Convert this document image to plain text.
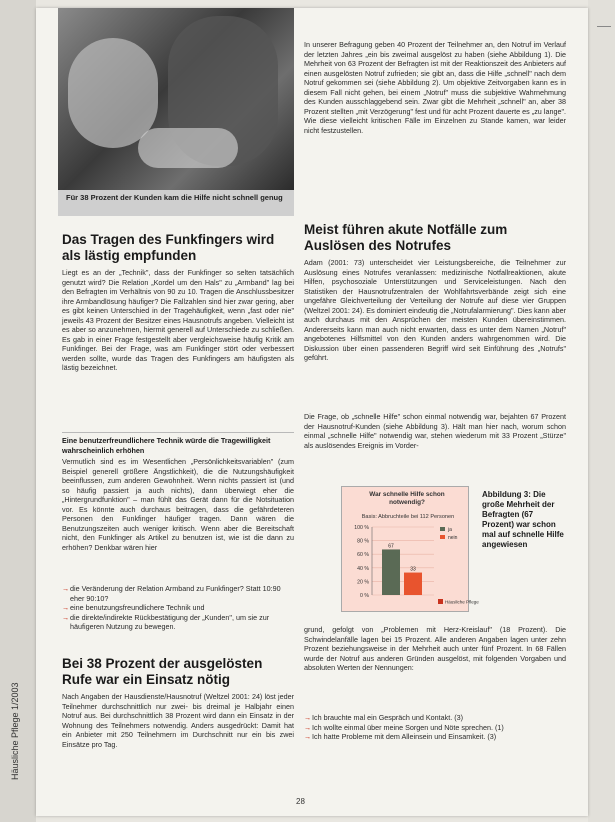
Für 38 Prozent der Kunden kam die Hilfe nicht schnell genug
Das Tragen des Funkfingers wird als lästig empfunden

Liegt es an der „Technik", dass der Funkfinger so selten tatsächlich genutzt wird? Die Relation „Kordel um den Hals" zu „Armband" lag bei den Befragten im Verhältnis von 90 zu 10. Tragen die Anschlussbesitzer ihre Armbandlösung häufiger? Die Fallzahlen sind hier zwar gering, aber es gibt keinen Unterschied in der Tragehäufigkeit, wenn „fast oder nie" jeweils 43 Prozent der Besitzer eines Hausnotrufs angeben. Vielleicht ist es aber so anzunehmen, hiermit generell auf Unterschiede zu schließen. Es gab in einer Frage festgestellt aber vergleichsweise häufig Kritik am Funkfinger. Bei der Frage, was am Funkfinger stört oder verbessert werden sollte, wurde das Tragen des Funkfingers am häufigsten als lästig bezeichnet.

Eine benutzerfreundlichere Technik würde die Tragewilligkeit wahrscheinlich erhöhen

Vermutlich sind es im Wesentlichen „Persönlichkeitsvariablen" (zum Beispiel generell größere Ängstlichkeit), die die Nutzungshäufigkeit beeinflussen, zum anderen Gewohnheit. Wenn nichts passiert ist (und so häufig passiert ja auch nichts), dann überwiegt eher die „Hintergrundfunktion" – man fühlt das Gerät dann für die Notsituation vor. Es könnte auch durchaus beitragen, dass die gefährdeteren Personen den Funkfinger häufiger tragen. Dann wären die Benutzungszeiten auch weniger kritisch. Wenn aber die Bereitschaft nicht, den Funkfinger als Artikel zu benutzen ist, wie ist die dann zu erhöhen? Denkbar wären hier

→ die Veränderung der Relation Armband zu Funkfinger? Statt 10:90 eher 90:10?
→ eine benutzungsfreundlichere Technik und
→ die direkte/indirekte Rückbestätigung der „Kunden", um sie zur häufigeren Nutzung zu bewegen.
Bei 38 Prozent der ausgelösten Rufe war ein Einsatz nötig

Nach Angaben der Hausdienste/Hausnotruf (Weltzel 2001: 24) löst jeder Teilnehmer durchschnittlich nur zwei- bis dreimal je Halbjahr einen Notruf aus. Bei durchschnittlich 38 Prozent wird dann ein Einsatz in der Wohnung des Teilnehmers notwendig. Anders ausgedrückt: Damit hat ein Anbieter mit 250 Teilnehmern im Durchschnitt nur ein bis zwei Einsätze pro Tag.

In unserer Befragung geben 40 Prozent der Teilnehmer an, den Notruf im Verlauf der letzten Jahres „ein bis zweimal ausgelöst zu haben (siehe Abbildung 1). Die Mehrheit von 63 Prozent der Befragten ist mit der Reaktionszeit des Anbieters auf einen ausgelösten Notruf zufrieden; sie gibt an, dass die Hilfe „schnell" nach dem Notruf gekommen sei (siehe Abbildung 2). Um objektive Zeitvorgaben kann es in diesem Fall nicht gehen, bei einem „Notruf" muss die subjektive Wahrnehmung des Kunden ausschlaggebend sein. Zwar gibt die Mehrheit „schnell" an, aber 38 Prozent stellten „mit Verzögerung" fest und für acht Prozent dauerte es „zu lange". Wie diese vielleicht kritischen Fälle im Einzelnen zu Stande kamen, war leider nicht festzustellen.

Meist führen akute Notfälle zum Auslösen des Notrufes

Adam (2001: 73) unterscheidet vier Leistungsbereiche, die Teilnehmer zur Auslösung eines Notrufes veranlassen: medizinische Notfallreaktionen, akute Hilfen, psychosoziale Unterstützungen und Serviceleistungen. Nach den Statistiken der Hausnotrufzentralen der Wohlfahrtsverbände zeigt sich eine ungefähre Gleichverteilung der Verteilung der Notrufe auf diese vier Gruppen (Weltzel 2001: 24). Es dominiert eindeutig die „Notrufalarmierung". Dies kann aber auch durchaus mit den Ansprüchen der meisten Kunden übereinstimmen. Andererseits kann man auch nicht erwarten, dass es unter dem Namen „Notruf" angebotenes Hilfsmittel von den Kunden anders wahrgenommen wird. Die Diskussion über einen passenderen Begriff wird seit Einführung des „Notrufs" geführt.

Die Frage, ob „schnelle Hilfe" schon einmal notwendig war, bejahten 67 Prozent der Hausnotruf-Kunden (siehe Abbildung 3). Hält man hier nach, worum schon einmal „schnelle Hilfe" notwendig war, stehen wiederum mit 33 Prozent „Stürze" als auslösendes Ereignis im Vorder-

War schnelle Hilfe schon notwendig?
Basis: Abbruchteile bei 112 Personen
100 %
80 %
60 %
40 %
20 %
0 %
67
33
ja
nein
Häusliche Pflege
Abbildung 3: Die große Mehrheit der Befragten (67 Prozent) war schon mal auf schnelle Hilfe angewiesen

grund, gefolgt von „Problemen mit Herz-Kreislauf" (18 Prozent). Die Schwindelanfälle lagen bei 15 Prozent. Alle anderen Angaben lagen unter zehn Prozent beziehungsweise in der Mehrheit auch unter fünf Prozent. In 68 Fällen wurde der Notruf aus anderen Gründen ausgelöst, mit folgenden Vorgaben und absoluten Werten der Nennungen:

→ Ich brauchte mal ein Gespräch und Kontakt. (3)
→ Ich wollte einmal über meine Sorgen und Nöte sprechen. (1)
→ Ich hatte Probleme mit dem Alleinsein und Einsamkeit. (3)
Häusliche Pflege 1/2003
28
